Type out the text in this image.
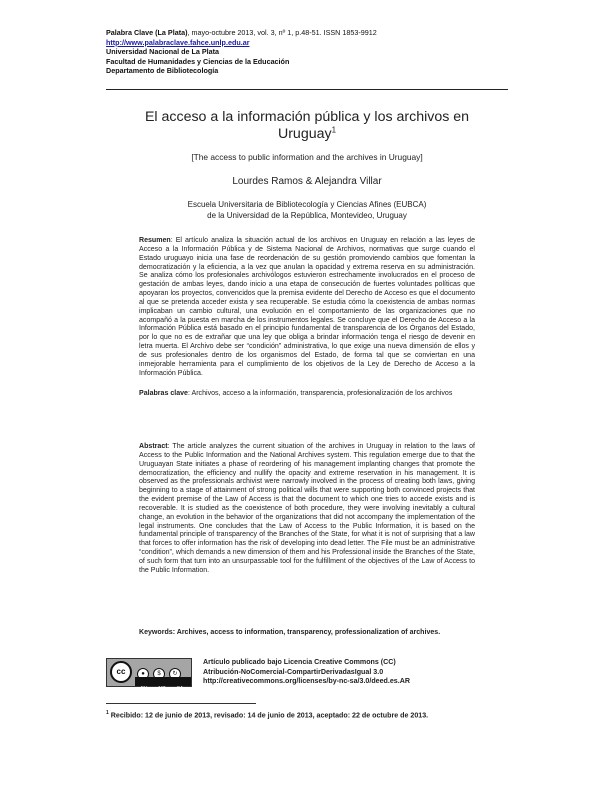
Palabra Clave (La Plata), mayo-octubre 2013, vol. 3, nº 1, p.48-51. ISSN 1853-9912
http://www.palabraclave.fahce.unlp.edu.ar
Universidad Nacional de La Plata
Facultad de Humanidades y Ciencias de la Educación
Departamento de Bibliotecología
El acceso a la información pública y los archivos en
Uruguay$^1$
[The access to public information and the archives in Uruguay]
Lourdes Ramos & Alejandra Villar
Escuela Universitaria de Bibliotecología y Ciencias Afines (EUBCA)
de la Universidad de la República, Montevideo, Uruguay
Resumen: El artículo analiza la situación actual de los archivos en Uruguay en relación a las leyes de Acceso a la Información Pública y de Sistema Nacional de Archivos, normativas que surge cuando el Estado uruguayo inicia una fase de reordenación de su gestión promoviendo cambios que fomentan la democratización y la eficiencia, a la vez que anulan la opacidad y extrema reserva en su administración. Se analiza cómo los profesionales archivólogos estuvieron estrechamente involucrados en el proceso de gestación de ambas leyes, dando inicio a una etapa de consecución de fuertes voluntades políticas que apoyaran los proyectos, convencidos que la premisa evidente del Derecho de Acceso es que el documento al que se pretenda acceder exista y sea recuperable. Se estudia cómo la coexistencia de ambas normas implicaban un cambio cultural, una evolución en el comportamiento de las organizaciones que no acompañó a la puesta en marcha de los instrumentos legales. Se concluye que el Derecho de Acceso a la Información Pública está basado en el principio fundamental de transparencia de los Órganos del Estado, por lo que no es de extrañar que una ley que obliga a brindar información tenga el riesgo de devenir en letra muerta. El Archivo debe ser “condición” administrativa, lo que exige una nueva dimensión de ellos y de sus profesionales dentro de los organismos del Estado, de forma tal que se conviertan en una inmejorable herramienta para el cumplimiento de los objetivos de la Ley de Derecho de Acceso a la Información Pública.
Palabras clave: Archivos, acceso a la información, transparencia, profesionalización de los archivos
Abstract: The article analyzes the current situation of the archives in Uruguay in relation to the laws of Access to the Public Information and the National Archives system. This regulation emerge due to that the Uruguayan State initiates a phase of reordering of his management implanting changes that promote the democratization, the efficiency and nullify the opacity and extreme reservation in his management. It is observed as the professionals archivist were narrowly involved in the process of creating both laws, giving beginning to a stage of attainment of strong political wills that were supporting both convinced projects that the evident premise of the Law of Access is that the document to which one tries to accede exists and is recoverable. It is studied as the coexistence of both procedure, they were involving inevitably a cultural change, an evolution in the behavior of the organizations that did not accompany the implementation of the legal instruments. One concludes that the Law of Access to the Public Information, it is based on the fundamental principle of transparency of the Branches of the State, for what it is not of surprising that a law that forces to offer information has the risk of developing into dead letter. The File must be an administrative “condition”, which demands a new dimension of them and his Professional inside the Branches of the State, of such form that turn into an unsurpassable tool for the fulfillment of the objectives of the Law of Access to the Public Information.
Keywords: Archives, access to information, transparency, professionalization of archives.
cc	● $ ↻
BY NC SA
Artículo publicado bajo Licencia Creative Commons (CC)
Atribución-NoComercial-CompartirDerivadasIgual 3.0
http://creativecommons.org/licenses/by-nc-sa/3.0/deed.es.AR
$^1$ Recibido: 12 de junio de 2013, revisado: 14 de junio de 2013, aceptado: 22 de octubre de 2013.
